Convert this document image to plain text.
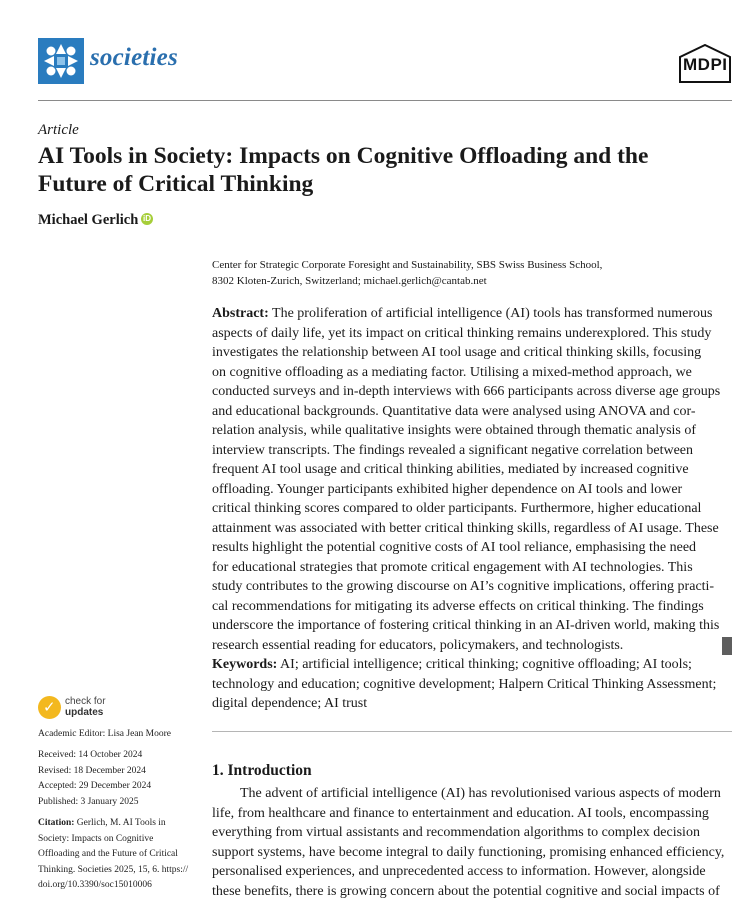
societies	MDPI
Article
AI Tools in Society: Impacts on Cognitive Offloading and the
Future of Critical Thinking
Michael Gerlich iD
Center for Strategic Corporate Foresight and Sustainability, SBS Swiss Business School,
8302 Kloten-Zurich, Switzerland; michael.gerlich@cantab.net
Abstract: The proliferation of artificial intelligence (AI) tools has transformed numerous
aspects of daily life, yet its impact on critical thinking remains underexplored. This study
investigates the relationship between AI tool usage and critical thinking skills, focusing
on cognitive offloading as a mediating factor. Utilising a mixed-method approach, we
conducted surveys and in-depth interviews with 666 participants across diverse age groups
and educational backgrounds. Quantitative data were analysed using ANOVA and cor-
relation analysis, while qualitative insights were obtained through thematic analysis of
interview transcripts. The findings revealed a significant negative correlation between
frequent AI tool usage and critical thinking abilities, mediated by increased cognitive
offloading. Younger participants exhibited higher dependence on AI tools and lower
critical thinking scores compared to older participants. Furthermore, higher educational
attainment was associated with better critical thinking skills, regardless of AI usage. These
results highlight the potential cognitive costs of AI tool reliance, emphasising the need
for educational strategies that promote critical engagement with AI technologies. This
study contributes to the growing discourse on AI’s cognitive implications, offering practi-
cal recommendations for mitigating its adverse effects on critical thinking. The findings
underscore the importance of fostering critical thinking in an AI-driven world, making this
research essential reading for educators, policymakers, and technologists.
Keywords: AI; artificial intelligence; critical thinking; cognitive offloading; AI tools;
technology and education; cognitive development; Halpern Critical Thinking Assessment;
digital dependence; AI trust
✓ check for
updates
Academic Editor: Lisa Jean Moore
Received: 14 October 2024
Revised: 18 December 2024
Accepted: 29 December 2024
Published: 3 January 2025
Citation: Gerlich, M. AI Tools in
Society: Impacts on Cognitive
Offloading and the Future of Critical
Thinking. Societies 2025, 15, 6. https://
doi.org/10.3390/soc15010006
1. Introduction
The advent of artificial intelligence (AI) has revolutionised various aspects of modern
life, from healthcare and finance to entertainment and education. AI tools, encompassing
everything from virtual assistants and recommendation algorithms to complex decision
support systems, have become integral to daily functioning, promising enhanced efficiency,
personalised experiences, and unprecedented access to information. However, alongside
these benefits, there is growing concern about the potential cognitive and social impacts of
